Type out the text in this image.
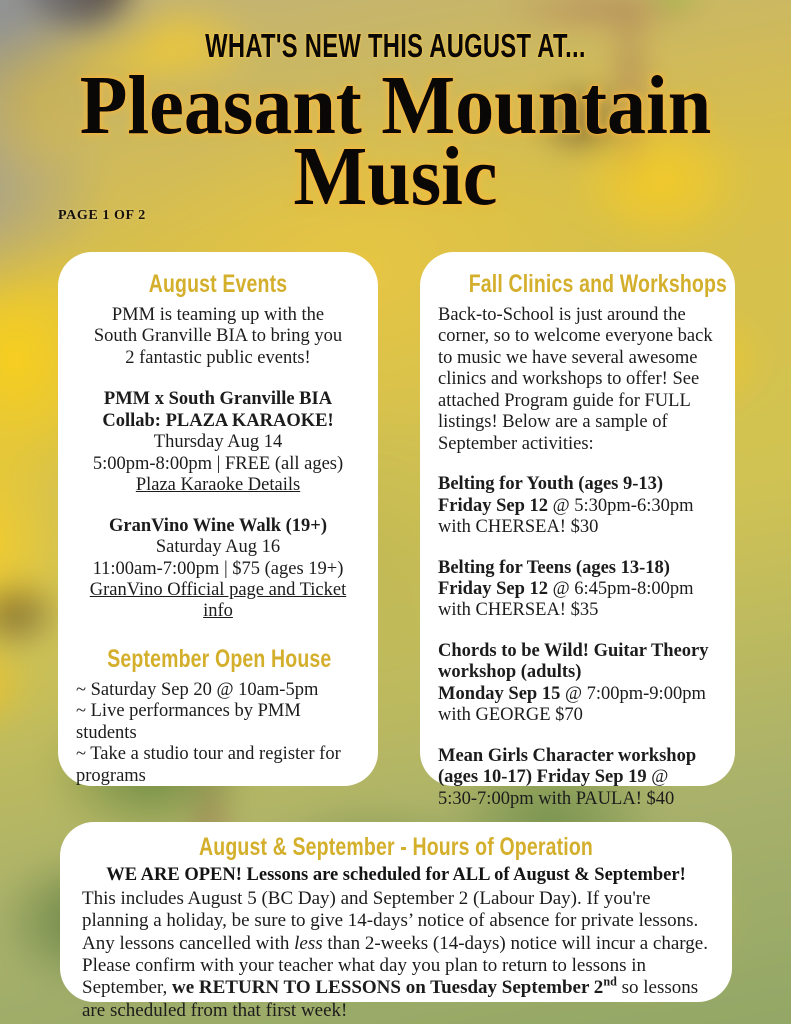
WHAT'S NEW THIS AUGUST AT...
Pleasant Mountain
Music
PAGE 1 OF 2
August Events
PMM is teaming up with the
South Granville BIA to bring you
2 fantastic public events!
PMM x South Granville BIA
Collab: PLAZA KARAOKE!
Thursday Aug 14
5:00pm-8:00pm | FREE (all ages)
Plaza Karaoke Details
GranVino Wine Walk (19+)
Saturday Aug 16
11:00am-7:00pm | $75 (ages 19+)
GranVino Official page and Ticket info
September Open House
~ Saturday Sep 20 @ 10am-5pm
~ Live performances by PMM students
~ Take a studio tour and register for programs
Fall Clinics and Workshops
Back-to-School is just around the corner, so to welcome everyone back to music we have several awesome clinics and workshops to offer! See attached Program guide for FULL listings! Below are a sample of September activities:
Belting for Youth (ages 9-13)
Friday Sep 12 @ 5:30pm-6:30pm
with CHERSEA! $30
Belting for Teens (ages 13-18)
Friday Sep 12 @ 6:45pm-8:00pm
with CHERSEA! $35
Chords to be Wild! Guitar Theory workshop (adults)
Monday Sep 15 @ 7:00pm-9:00pm
with GEORGE $70
Mean Girls Character workshop (ages 10-17) Friday Sep 19 @
5:30-7:00pm with PAULA! $40
August & September - Hours of Operation
WE ARE OPEN! Lessons are scheduled for ALL of August & September!
This includes August 5 (BC Day) and September 2 (Labour Day). If you're planning a holiday, be sure to give 14-days’ notice of absence for private lessons. Any lessons cancelled with less than 2-weeks (14-days) notice will incur a charge. Please confirm with your teacher what day you plan to return to lessons in September, we RETURN TO LESSONS on Tuesday September 2nd so lessons are scheduled from that first week!
